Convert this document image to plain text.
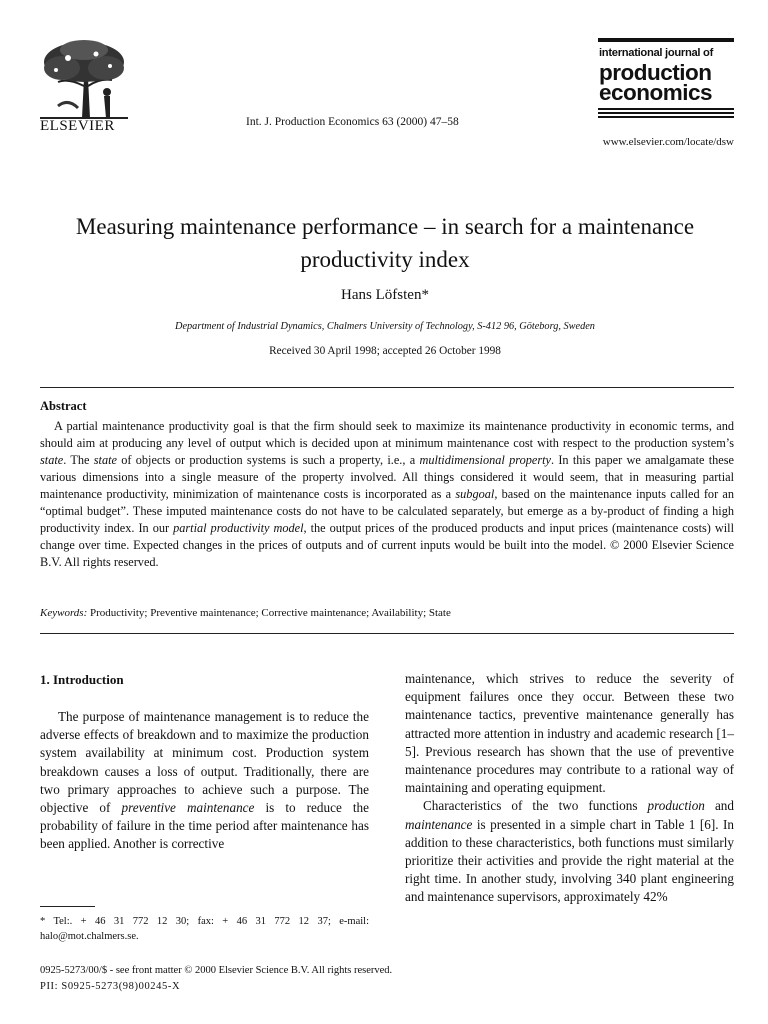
ELSEVIER	Int. J. Production Economics 63 (2000) 47–58
international journal of
production
economics
www.elsevier.com/locate/dsw
Measuring maintenance performance – in search for a maintenance productivity index
Hans Löfsten*
Department of Industrial Dynamics, Chalmers University of Technology, S-412 96, Göteborg, Sweden
Received 30 April 1998; accepted 26 October 1998
Abstract

A partial maintenance productivity goal is that the firm should seek to maximize its maintenance productivity in economic terms, and should aim at producing any level of output which is decided upon at minimum maintenance cost with respect to the production system’s state. The state of objects or production systems is such a property, i.e., a multidimensional property. In this paper we amalgamate these various dimensions into a single measure of the property involved. All things considered it would seem, that in measuring partial maintenance productivity, minimization of maintenance costs is incorporated as a subgoal, based on the maintenance inputs called for an “optimal budget”. These imputed maintenance costs do not have to be calculated separately, but emerge as a by-product of finding a high productivity index. In our partial productivity model, the output prices of the produced products and input prices (maintenance costs) will change over time. Expected changes in the prices of outputs and of current inputs would be built into the model. © 2000 Elsevier Science B.V. All rights reserved.

Keywords: Productivity; Preventive maintenance; Corrective maintenance; Availability; State
1. Introduction

The purpose of maintenance management is to reduce the adverse effects of breakdown and to maximize the production system availability at minimum cost. Production system breakdown causes a loss of output. Traditionally, there are two primary approaches to achieve such a purpose. The objective of preventive maintenance is to reduce the probability of failure in the time period after maintenance has been applied. Another is corrective

maintenance, which strives to reduce the severity of equipment failures once they occur. Between these two maintenance tactics, preventive maintenance generally has attracted more attention in industry and academic research [1–5]. Previous research has shown that the use of preventive maintenance procedures may contribute to a rational way of maintaining and operating equipment.

Characteristics of the two functions production and maintenance is presented in a simple chart in Table 1 [6]. In addition to these characteristics, both functions must similarly prioritize their activities and provide the right material at the right time. In another study, involving 340 plant engineering and maintenance supervisors, approximately 42%

* Tel:. + 46 31 772 12 30; fax: + 46 31 772 12 37; e-mail: halo@mot.chalmers.se.
0925-5273/00/$ - see front matter © 2000 Elsevier Science B.V. All rights reserved.
PII: S0925-5273(98)00245-X
